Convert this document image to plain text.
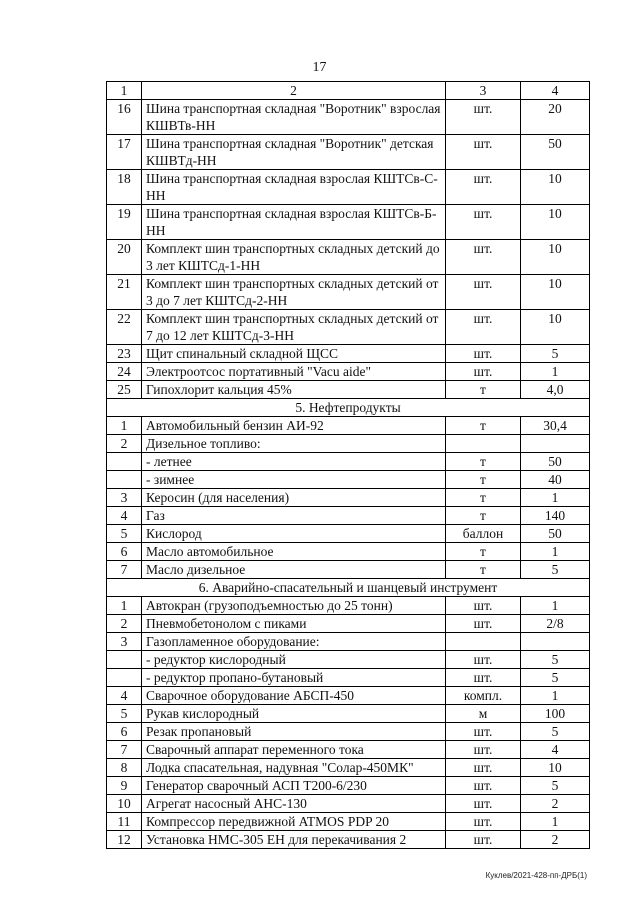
17
1	2	3	4
16	Шина транспортная складная "Воротник" взрослая КШВТв-НН	шт.	20
17	Шина транспортная складная "Воротник" детская КШВТд-НН	шт.	50
18	Шина транспортная складная взрослая КШТСв-С-НН	шт.	10
19	Шина транспортная складная взрослая КШТСв-Б-НН	шт.	10
20	Комплект шин транспортных складных детский до 3 лет КШТСд-1-НН	шт.	10
21	Комплект шин транспортных складных детский от 3 до 7 лет КШТСд-2-НН	шт.	10
22	Комплект шин транспортных складных детский от 7 до 12 лет КШТСд-3-НН	шт.	10
23	Щит спинальный складной ЩСС	шт.	5
24	Электроотсос портативный "Vacu aide"	шт.	1
25	Гипохлорит кальция 45%	т	4,0
5. Нефтепродукты			
1	Автомобильный бензин АИ-92	т	30,4
2	Дизельное топливо:		
	- летнее	т	50
	- зимнее	т	40
3	Керосин (для населения)	т	1
4	Газ	т	140
5	Кислород	баллон	50
6	Масло автомобильное	т	1
7	Масло дизельное	т	5
6. Аварийно-спасательный и шанцевый инструмент			
1	Автокран (грузоподъемностью до 25 тонн)	шт.	1
2	Пневмобетонолом с пиками	шт.	2/8
3	Газопламенное оборудование:		
	- редуктор кислородный	шт.	5
	- редуктор пропано-бутановый	шт.	5
4	Сварочное оборудование АБСП-450	компл.	1
5	Рукав кислородный	м	100
6	Резак пропановый	шт.	5
7	Сварочный аппарат переменного тока	шт.	4
8	Лодка спасательная, надувная "Солар-450МК"	шт.	10
9	Генератор сварочный АСП Т200-6/230	шт.	5
10	Агрегат насосный АНС-130	шт.	2
11	Компрессор передвижной ATMOS PDP 20	шт.	1
12	Установка НМС-305 ЕН для перекачивания 2	шт.	2
Куклев/2021-428-пп-ДРБ(1)
